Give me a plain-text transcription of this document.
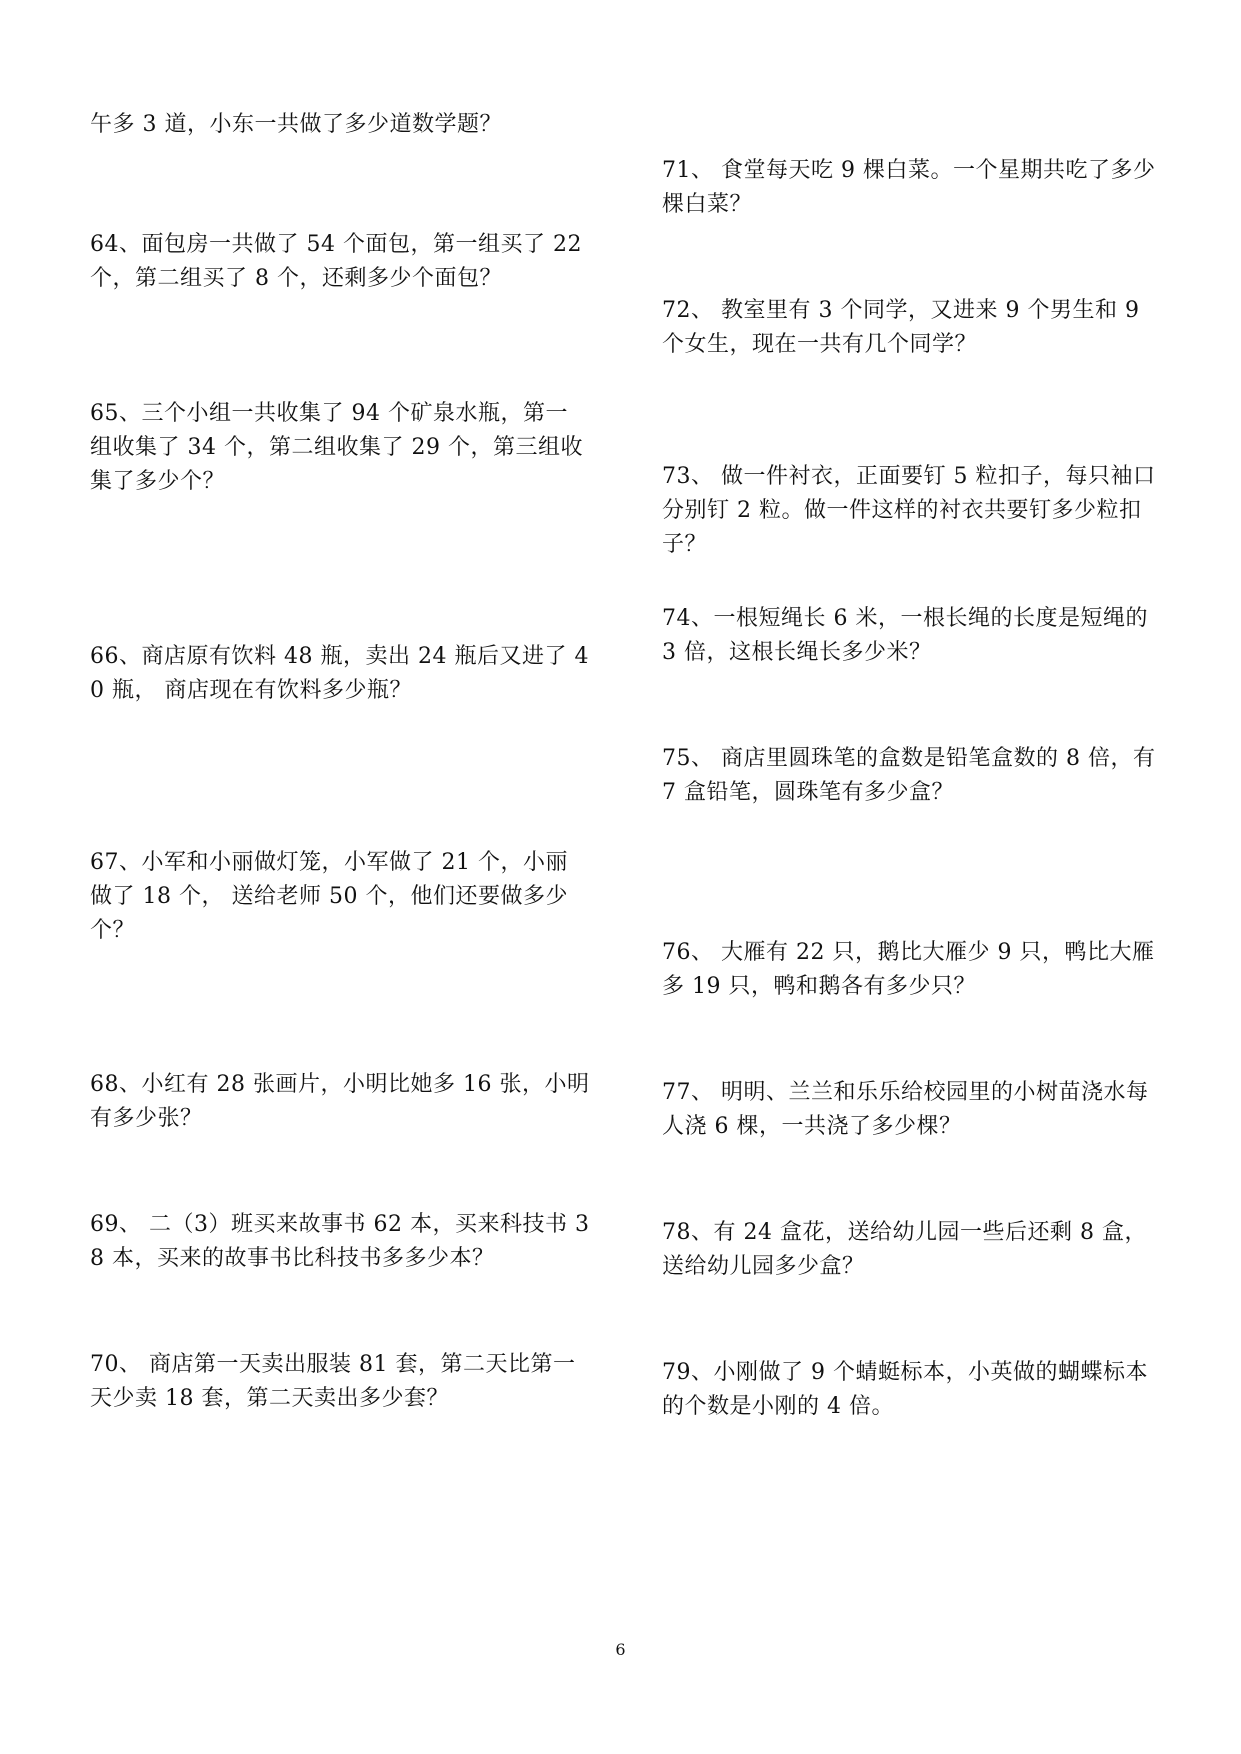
午多 3 道，小东一共做了多少道数学题？
64、面包房一共做了 54 个面包，第一组买了 22 个，第二组买了 8 个，还剩多少个面包？
65、三个小组一共收集了 94 个矿泉水瓶，第一组收集了 34 个，第二组收集了 29 个，第三组收集了多少个？
66、商店原有饮料 48 瓶，卖出 24 瓶后又进了 40 瓶， 商店现在有饮料多少瓶？
67、小军和小丽做灯笼，小军做了 21 个，小丽做了 18 个， 送给老师 50 个，他们还要做多少个？
68、小红有 28 张画片，小明比她多 16 张，小明有多少张？
69、 二（3）班买来故事书 62 本，买来科技书 38 本，买来的故事书比科技书多多少本？
70、 商店第一天卖出服装 81 套，第二天比第一天少卖 18 套，第二天卖出多少套？
71、 食堂每天吃 9 棵白菜。一个星期共吃了多少棵白菜？
72、 教室里有 3 个同学，又进来 9 个男生和 9 个女生，现在一共有几个同学？
73、 做一件衬衣，正面要钉 5 粒扣子，每只袖口分别钉 2 粒。做一件这样的衬衣共要钉多少粒扣子？
74、一根短绳长 6 米，一根长绳的长度是短绳的 3 倍，这根长绳长多少米？
75、 商店里圆珠笔的盒数是铅笔盒数的 8 倍，有 7 盒铅笔，圆珠笔有多少盒？
76、 大雁有 22 只，鹅比大雁少 9 只，鸭比大雁多 19 只，鸭和鹅各有多少只？
77、 明明、兰兰和乐乐给校园里的小树苗浇水每人浇 6 棵，一共浇了多少棵？
78、有 24 盒花，送给幼儿园一些后还剩 8 盒，送给幼儿园多少盒？
79、小刚做了 9 个蜻蜓标本，小英做的蝴蝶标本的个数是小刚的 4 倍。
6
